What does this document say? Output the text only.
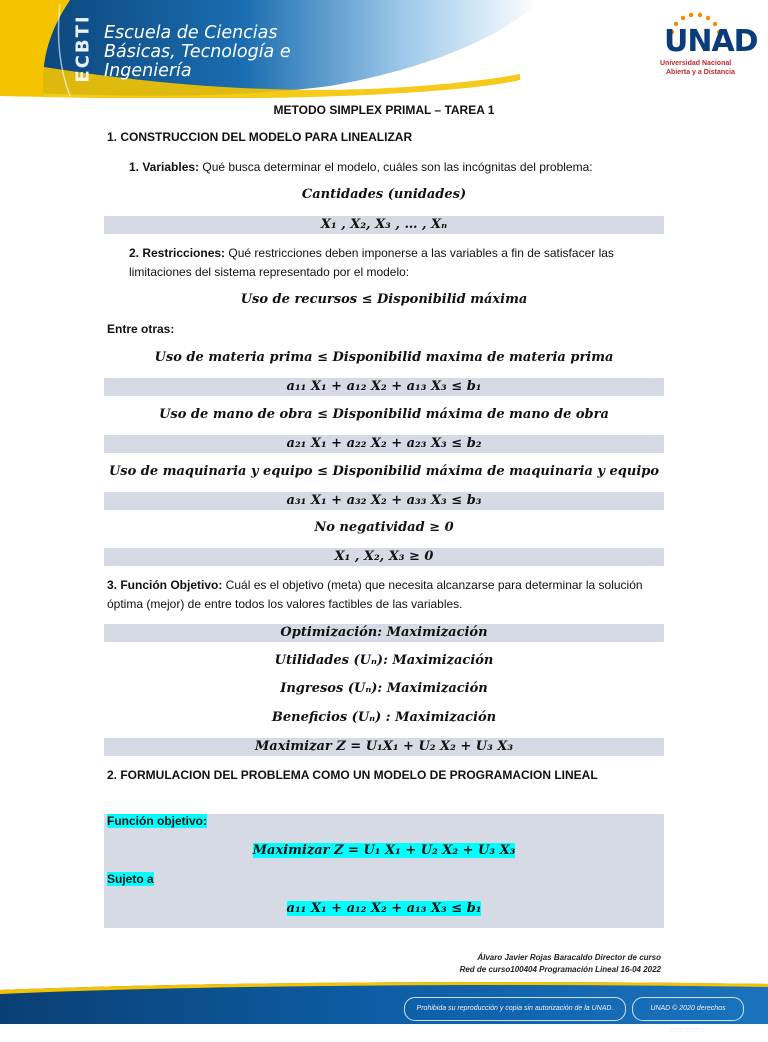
ECBTI Escuela de Ciencias
Básicas, Tecnología e
Ingeniería
UNAD
Universidad Nacional
Abierta y a Distancia
METODO SIMPLEX PRIMAL – TAREA 1
1. CONSTRUCCION DEL MODELO PARA LINEALIZAR
1. Variables: Qué busca determinar el modelo, cuáles son las incógnitas del problema:
Cantidades (unidades)
X₁ , X₂, X₃ , … , Xₙ
2. Restricciones: Qué restricciones deben imponerse a las variables a fin de satisfacer las
limitaciones del sistema representado por el modelo:
Uso de recursos ≤ Disponibilid máxima
Entre otras:
Uso de materia prima ≤ Disponibilid maxima de materia prima
a₁₁ X₁ + a₁₂ X₂ + a₁₃ X₃ ≤ b₁
Uso de mano de obra ≤ Disponibilid máxima de mano de obra
a₂₁ X₁ + a₂₂ X₂ + a₂₃ X₃ ≤ b₂
Uso de maquinaria y equipo ≤ Disponibilid máxima de maquinaria y equipo
a₃₁ X₁ + a₃₂ X₂ + a₃₃ X₃ ≤ b₃
No negatividad ≥ 0
X₁ , X₂, X₃ ≥ 0
3. Función Objetivo: Cuál es el objetivo (meta) que necesita alcanzarse para determinar la solución
óptima (mejor) de entre todos los valores factibles de las variables.
Optimización: Maximización
Utilidades (Uₙ): Maximización
Ingresos (Uₙ): Maximización
Beneficios (Uₙ) : Maximización
Maximizar Z = U₁X₁ + U₂ X₂ + U₃ X₃
2. FORMULACION DEL PROBLEMA COMO UN MODELO DE PROGRAMACION LINEAL
Función objetivo:
Maximizar Z = U₁ X₁ + U₂ X₂ + U₃ X₃
Sujeto a
a₁₁ X₁ + a₁₂ X₂ + a₁₃ X₃ ≤ b₁
Álvaro Javier Rojas Baracaldo Director de curso
Red de curso100404 Programación Lineal 16-04 2022
Prohibida su reproducción y copia sin autorización de la UNAD.	UNAD © 2020 derechos reservados.
